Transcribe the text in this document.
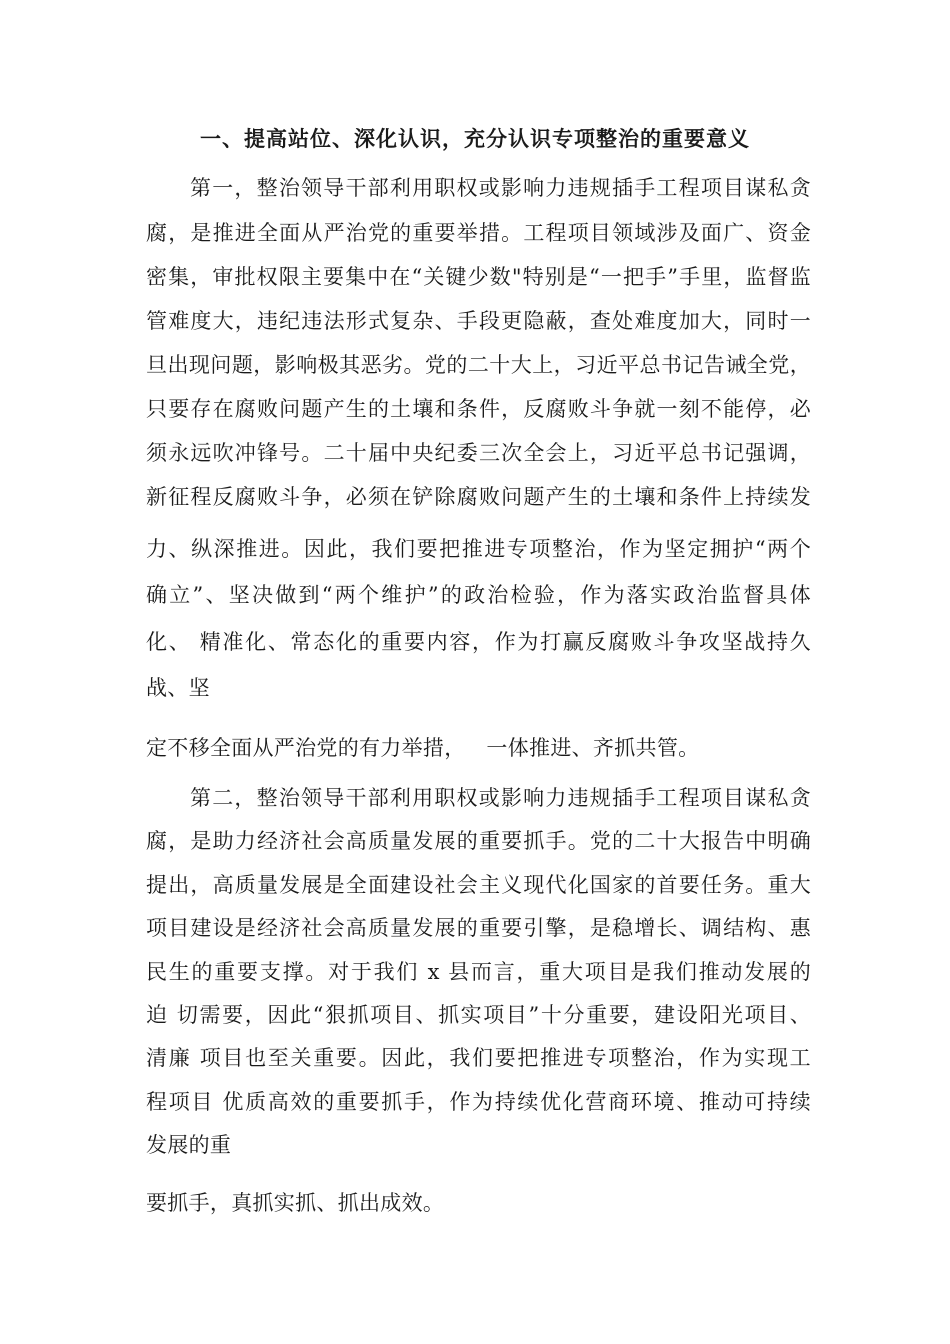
一、提高站位、深化认识，充分认识专项整治的重要意义

第一，整治领导干部利用职权或影响力违规插手工程项目谋私贪

腐，是推进全面从严治党的重要举措。工程项目领域涉及面广、资金

密集，审批权限主要集中在“关键少数"特别是“一把手”手里，监督监

管难度大，违纪违法形式复杂、手段更隐蔽，查处难度加大，同时一

旦出现问题，影响极其恶劣。党的二十大上，习近平总书记告诫全党，

只要存在腐败问题产生的土壤和条件，反腐败斗争就一刻不能停，必

须永远吹冲锋号。二十届中央纪委三次全会上，习近平总书记强调，

新征程反腐败斗争，必须在铲除腐败问题产生的土壤和条件上持续发

力、纵深推进。因此，我们要把推进专项整治，作为坚定拥护“两个

确立”、坚决做到“两个维护”的政治检验，作为落实政治监督具体

化、 精准化、常态化的重要内容，作为打赢反腐败斗争攻坚战持久

战、坚

定不移全面从严治党的有力举措，   一体推进、齐抓共管。

第二，整治领导干部利用职权或影响力违规插手工程项目谋私贪

腐，是助力经济社会高质量发展的重要抓手。党的二十大报告中明确

提出，高质量发展是全面建设社会主义现代化国家的首要任务。重大

项目建设是经济社会高质量发展的重要引擎，是稳增长、调结构、惠

民生的重要支撑。对于我们 x 县而言，重大项目是我们推动发展的

迫 切需要，因此“狠抓项目、抓实项目”十分重要，建设阳光项目、

清廉 项目也至关重要。因此，我们要把推进专项整治，作为实现工

程项目 优质高效的重要抓手，作为持续优化营商环境、推动可持续

发展的重

要抓手，真抓实抓、抓出成效。
